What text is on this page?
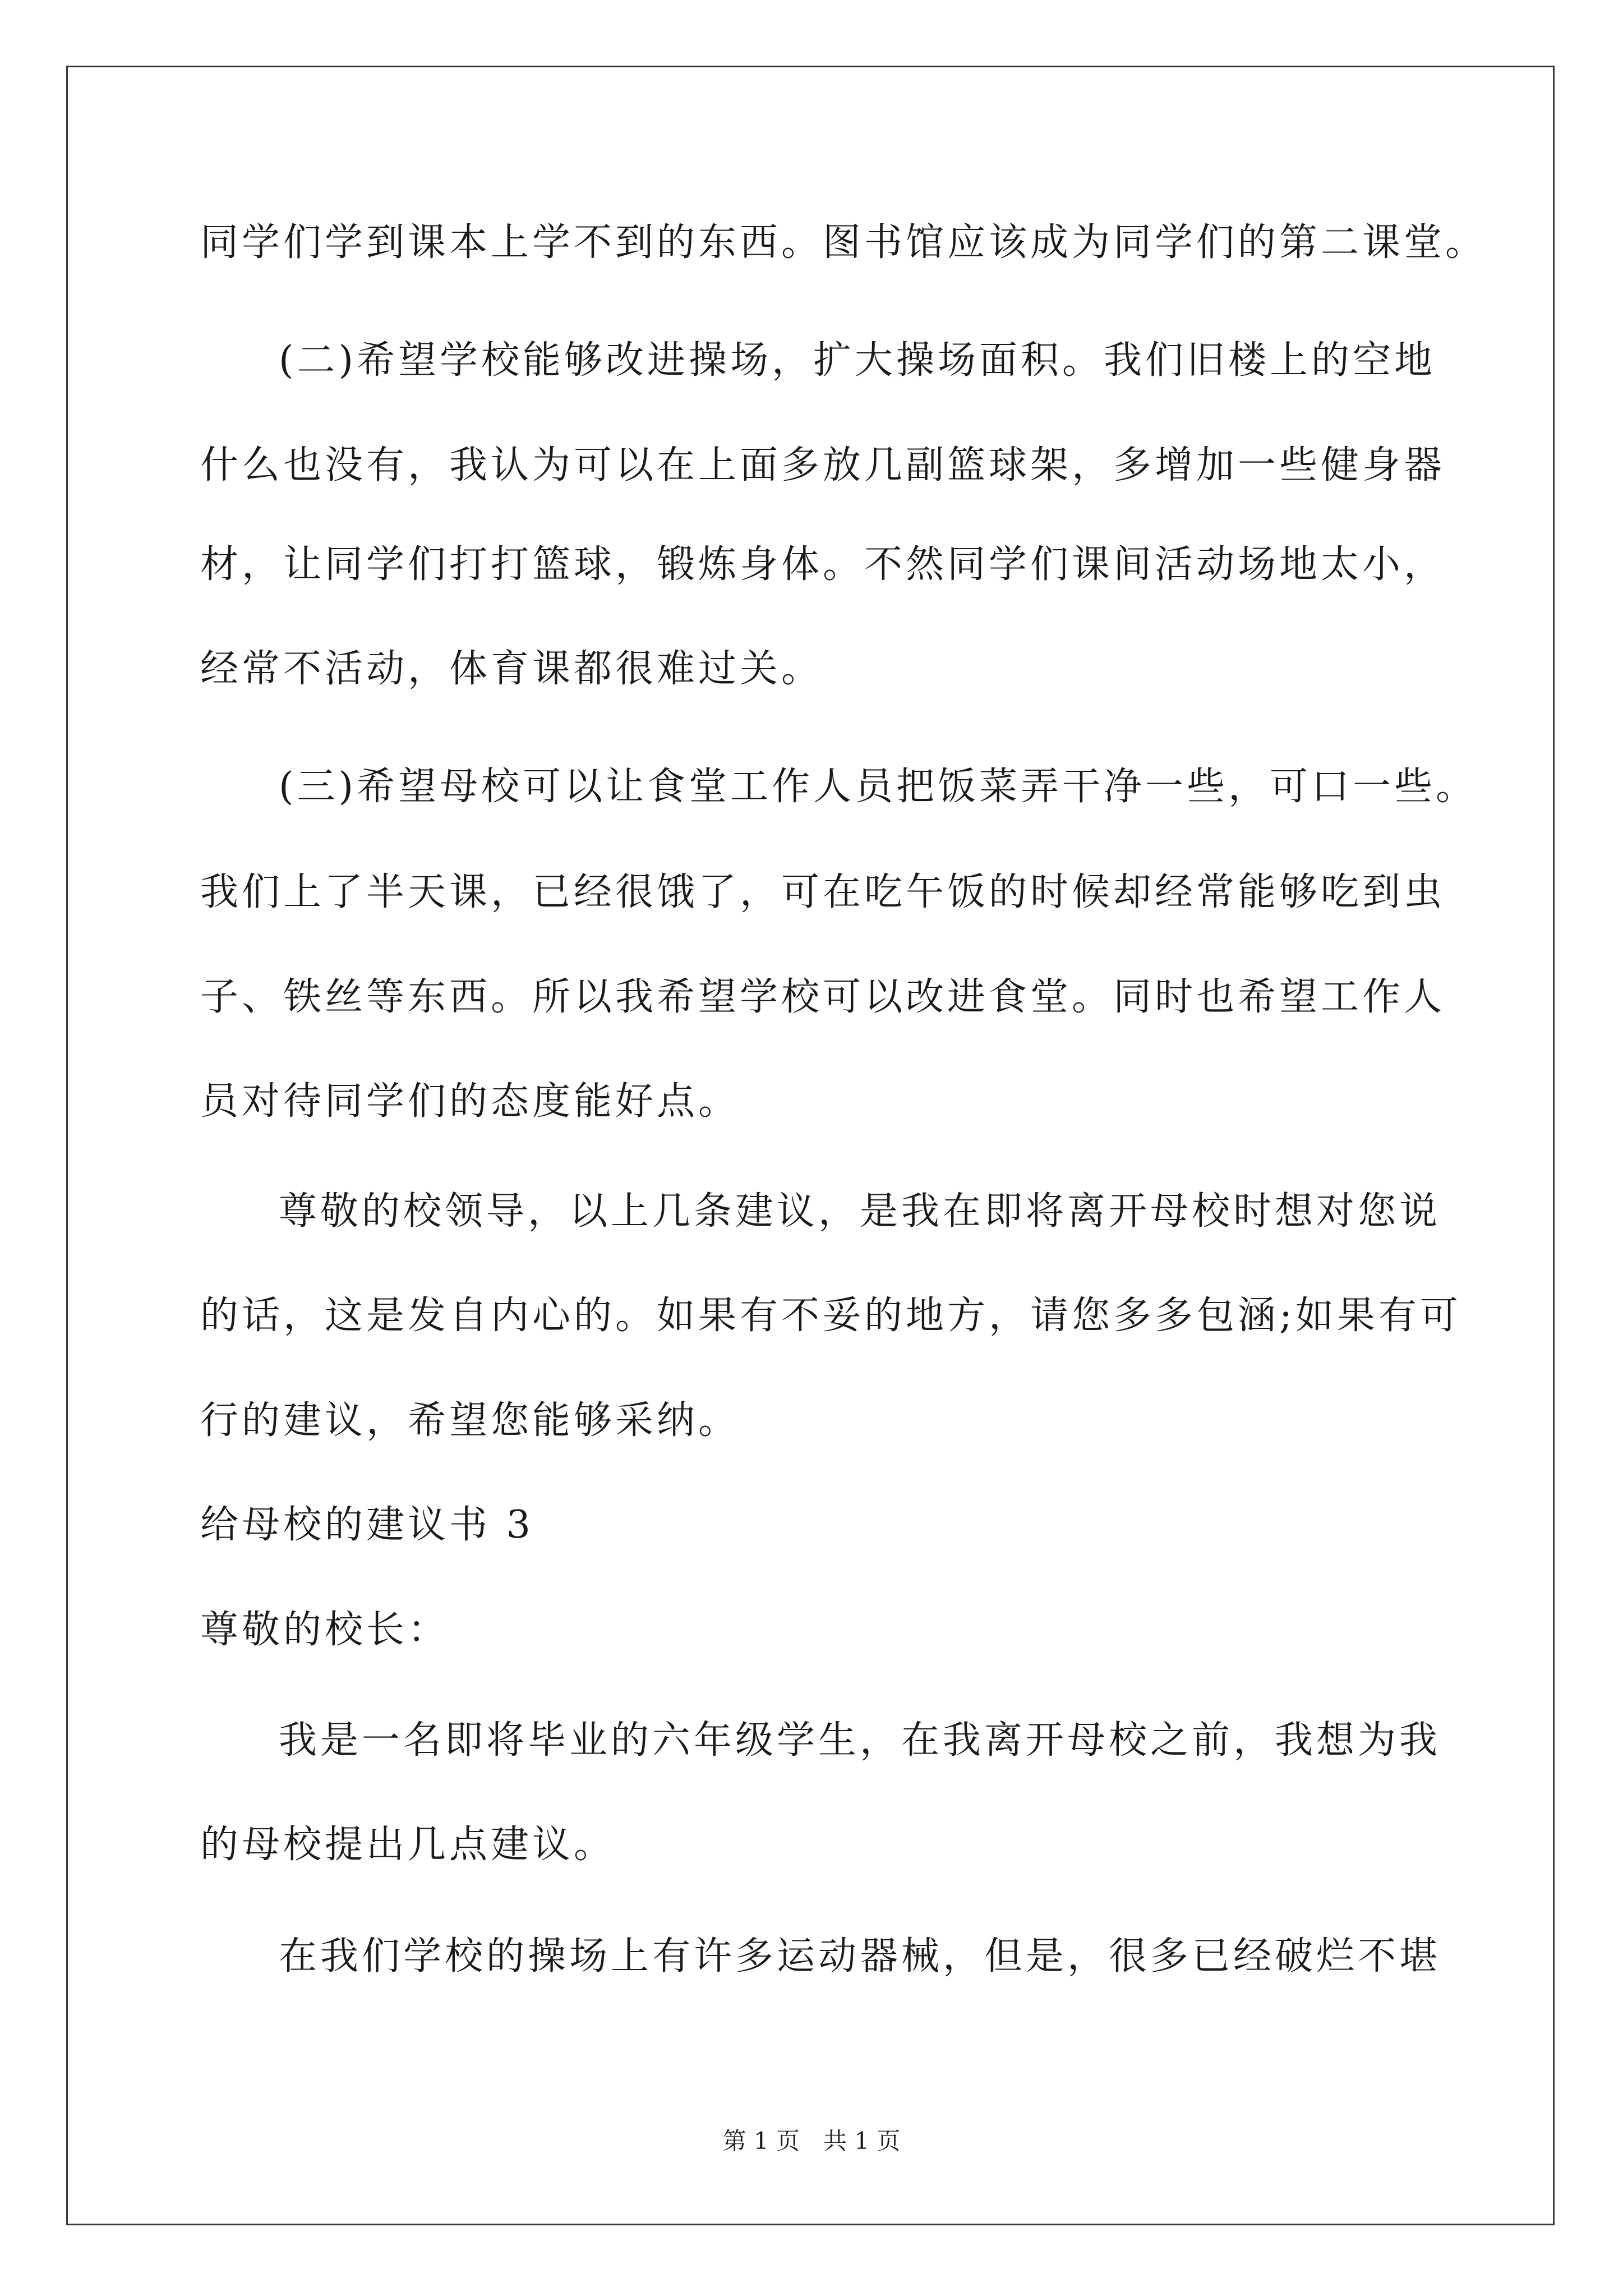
同学们学到课本上学不到的东西。图书馆应该成为同学们的第二课堂。
(二)希望学校能够改进操场，扩大操场面积。我们旧楼上的空地
什么也没有，我认为可以在上面多放几副篮球架，多增加一些健身器
材，让同学们打打篮球，锻炼身体。不然同学们课间活动场地太小，
经常不活动，体育课都很难过关。
(三)希望母校可以让食堂工作人员把饭菜弄干净一些，可口一些。
我们上了半天课，已经很饿了，可在吃午饭的时候却经常能够吃到虫
子、铁丝等东西。所以我希望学校可以改进食堂。同时也希望工作人
员对待同学们的态度能好点。
尊敬的校领导，以上几条建议，是我在即将离开母校时想对您说
的话，这是发自内心的。如果有不妥的地方，请您多多包涵;如果有可
行的建议，希望您能够采纳。
给母校的建议书 3
尊敬的校长：
我是一名即将毕业的六年级学生，在我离开母校之前，我想为我
的母校提出几点建议。
在我们学校的操场上有许多运动器械，但是，很多已经破烂不堪
第 1 页　共 1 页
